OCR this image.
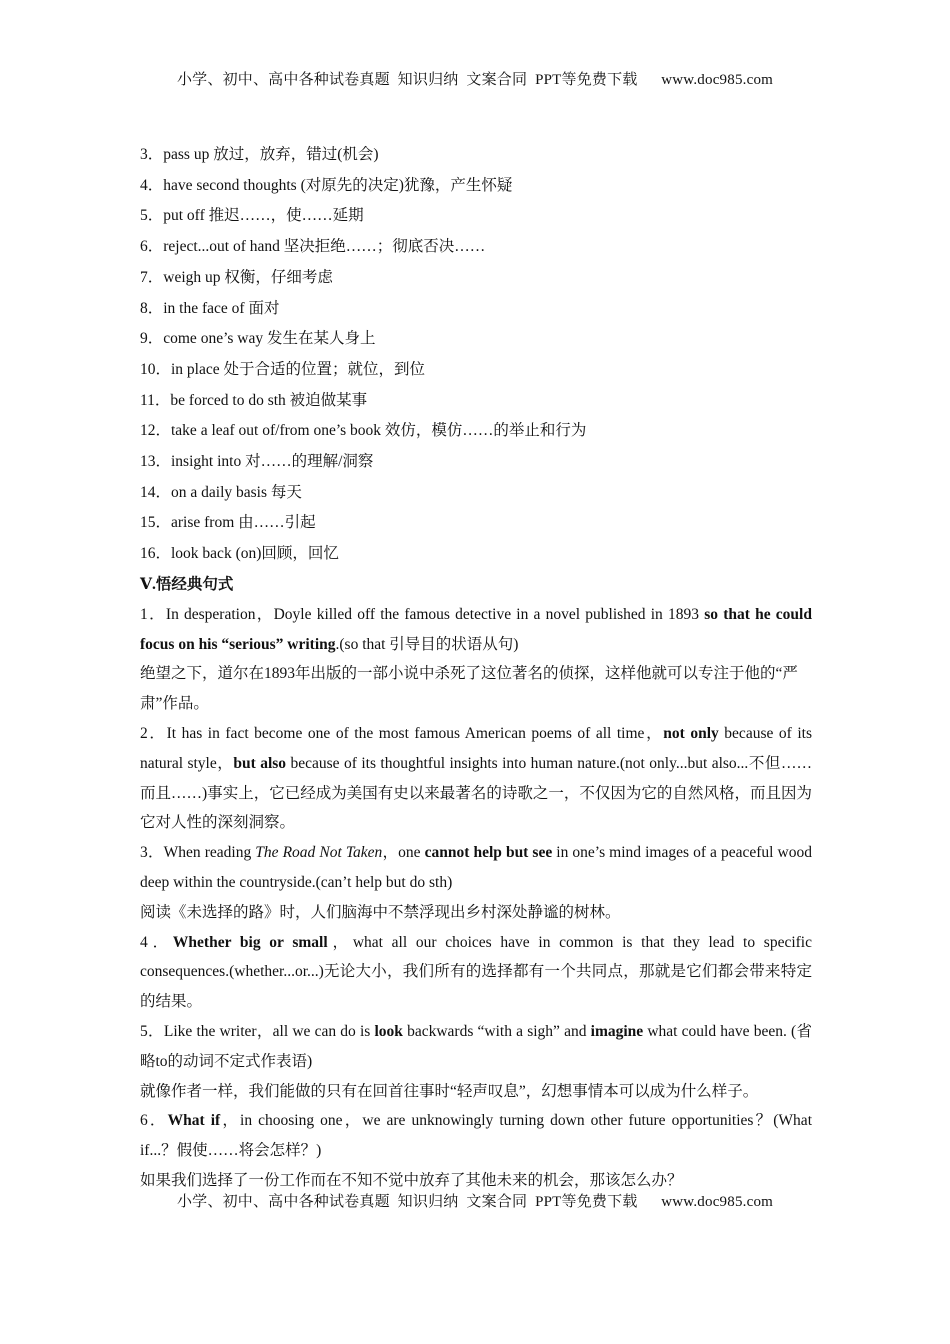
小学、初中、高中各种试卷真题  知识归纳  文案合同  PPT等免费下载      www.doc985.com
3．pass up 放过，放弃，错过(机会)
4．have second thoughts (对原先的决定)犹豫，产生怀疑
5．put off 推迟……，使……延期
6．reject...out of hand 坚决拒绝……；彻底否决……
7．weigh up 权衡，仔细考虑
8．in the face of 面对
9．come one’s way 发生在某人身上
10．in place 处于合适的位置；就位，到位
11．be forced to do sth 被迫做某事
12．take a leaf out of/from one’s book 效仿，模仿……的举止和行为
13．insight into 对……的理解/洞察
14．on a daily basis 每天
15．arise from 由……引起
16．look back (on)回顾，回忆
Ⅴ.悟经典句式
1．In desperation，Doyle killed off the famous detective in a novel published in 1893 so that he could focus on his “serious” writing.(so that 引导目的状语从句)
绝望之下，道尔在1893年出版的一部小说中杀死了这位著名的侦探，这样他就可以专注于他的“严肃”作品。
2．It has in fact become one of the most famous American poems of all time，not only because of its natural style，but also because of its thoughtful insights into human nature.(not only...but also...不但……而且……)事实上，它已经成为美国有史以来最著名的诗歌之一，不仅因为它的自然风格，而且因为它对人性的深刻洞察。
3．When reading The Road Not Taken，one cannot help but see in one’s mind images of a peaceful wood deep within the countryside.(can’t help but do sth)
阅读《未选择的路》时，人们脑海中不禁浮现出乡村深处静谧的树林。
4．Whether big or small，what all our choices have in common is that they lead to specific consequences.(whether...or...)无论大小，我们所有的选择都有一个共同点，那就是它们都会带来特定的结果。
5．Like the writer，all we can do is look backwards “with a sigh” and imagine what could have been. (省略to的动词不定式作表语)
就像作者一样，我们能做的只有在回首往事时“轻声叹息”，幻想事情本可以成为什么样子。
6．What if，in choosing one，we are unknowingly turning down other future opportunities？(What if...？假使……将会怎样？)
如果我们选择了一份工作而在不知不觉中放弃了其他未来的机会，那该怎么办？
小学、初中、高中各种试卷真题  知识归纳  文案合同  PPT等免费下载      www.doc985.com
